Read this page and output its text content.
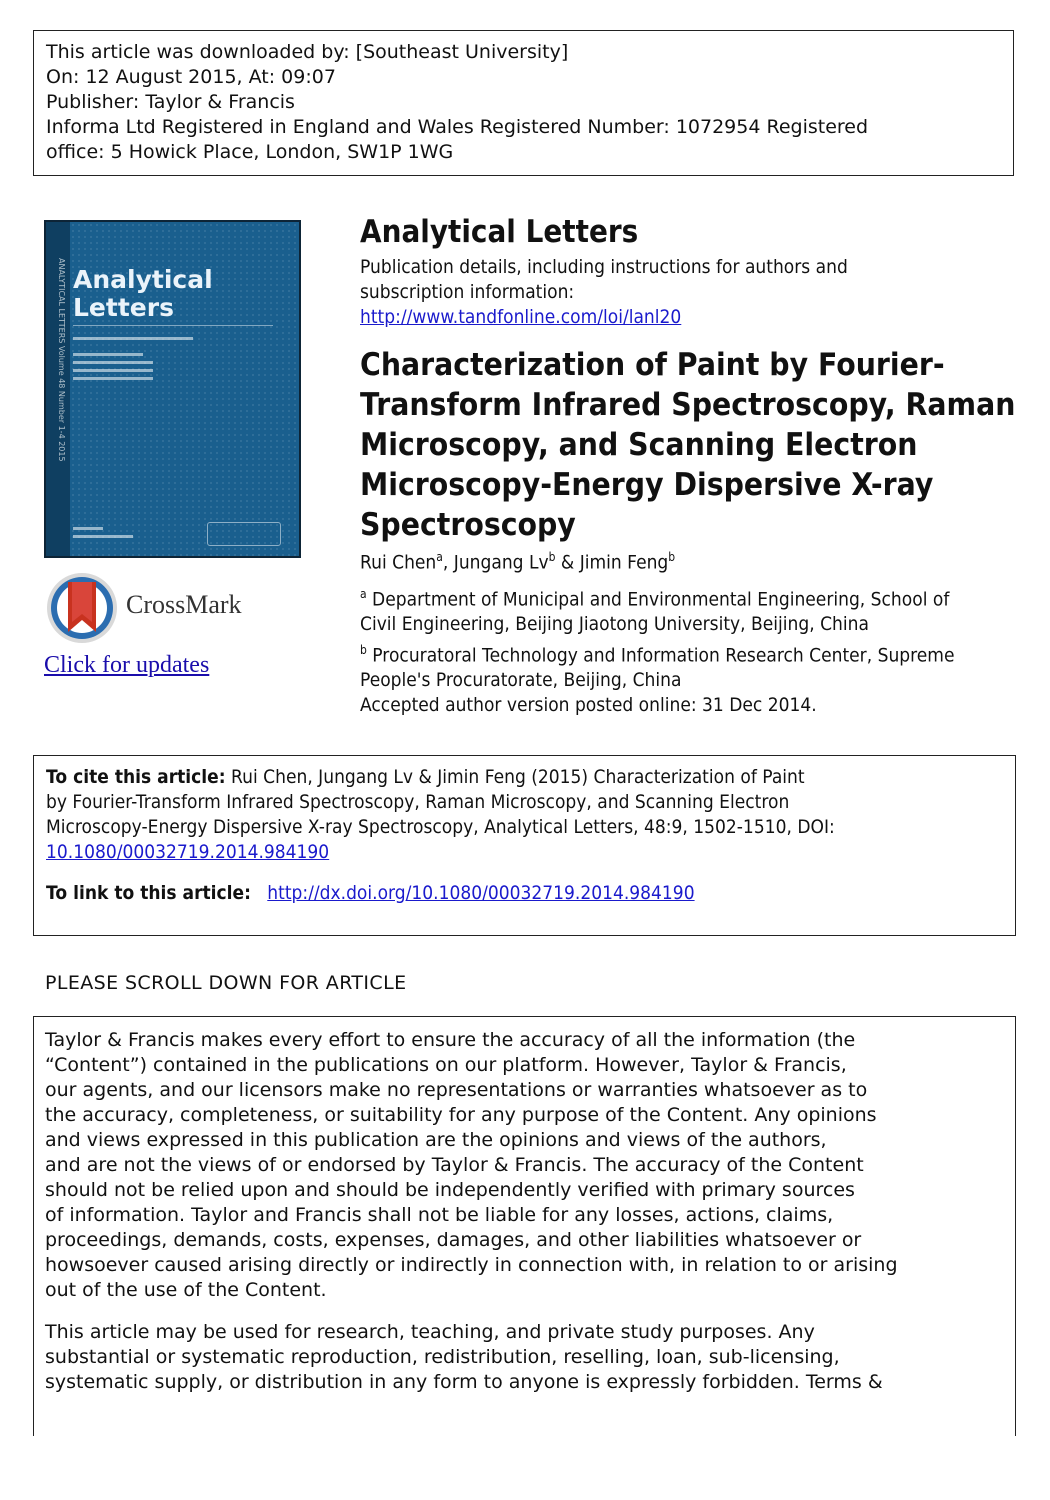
This article was downloaded by: [Southeast University]
On: 12 August 2015, At: 09:07
Publisher: Taylor & Francis
Informa Ltd Registered in England and Wales Registered Number: 1072954 Registered
office: 5 Howick Place, London, SW1P 1WG
ANALYTICAL LETTERS Volume 48 Number 1-4 2015 Analytical
Letters
CrossMark
Click for updates
Analytical Letters
Publication details, including instructions for authors and
subscription information:
http://www.tandfonline.com/loi/lanl20
Characterization of Paint by Fourier-
Transform Infrared Spectroscopy, Raman
Microscopy, and Scanning Electron
Microscopy-Energy Dispersive X-ray
Spectroscopy
Rui Chen$^a$, Jungang Lv$^b$ & Jimin Feng$^b$
$^a$ Department of Municipal and Environmental Engineering, School of
Civil Engineering, Beijing Jiaotong University, Beijing, China
$^b$ Procuratoral Technology and Information Research Center, Supreme
People's Procuratorate, Beijing, China
Accepted author version posted online: 31 Dec 2014.
To cite this article: Rui Chen, Jungang Lv & Jimin Feng (2015) Characterization of Paint
by Fourier-Transform Infrared Spectroscopy, Raman Microscopy, and Scanning Electron
Microscopy-Energy Dispersive X-ray Spectroscopy, Analytical Letters, 48:9, 1502-1510, DOI:
10.1080/00032719.2014.984190
To link to this article: http://dx.doi.org/10.1080/00032719.2014.984190
PLEASE SCROLL DOWN FOR ARTICLE
Taylor & Francis makes every effort to ensure the accuracy of all the information (the
“Content”) contained in the publications on our platform. However, Taylor & Francis,
our agents, and our licensors make no representations or warranties whatsoever as to
the accuracy, completeness, or suitability for any purpose of the Content. Any opinions
and views expressed in this publication are the opinions and views of the authors,
and are not the views of or endorsed by Taylor & Francis. The accuracy of the Content
should not be relied upon and should be independently verified with primary sources
of information. Taylor and Francis shall not be liable for any losses, actions, claims,
proceedings, demands, costs, expenses, damages, and other liabilities whatsoever or
howsoever caused arising directly or indirectly in connection with, in relation to or arising
out of the use of the Content.
This article may be used for research, teaching, and private study purposes. Any
substantial or systematic reproduction, redistribution, reselling, loan, sub-licensing,
systematic supply, or distribution in any form to anyone is expressly forbidden. Terms &
